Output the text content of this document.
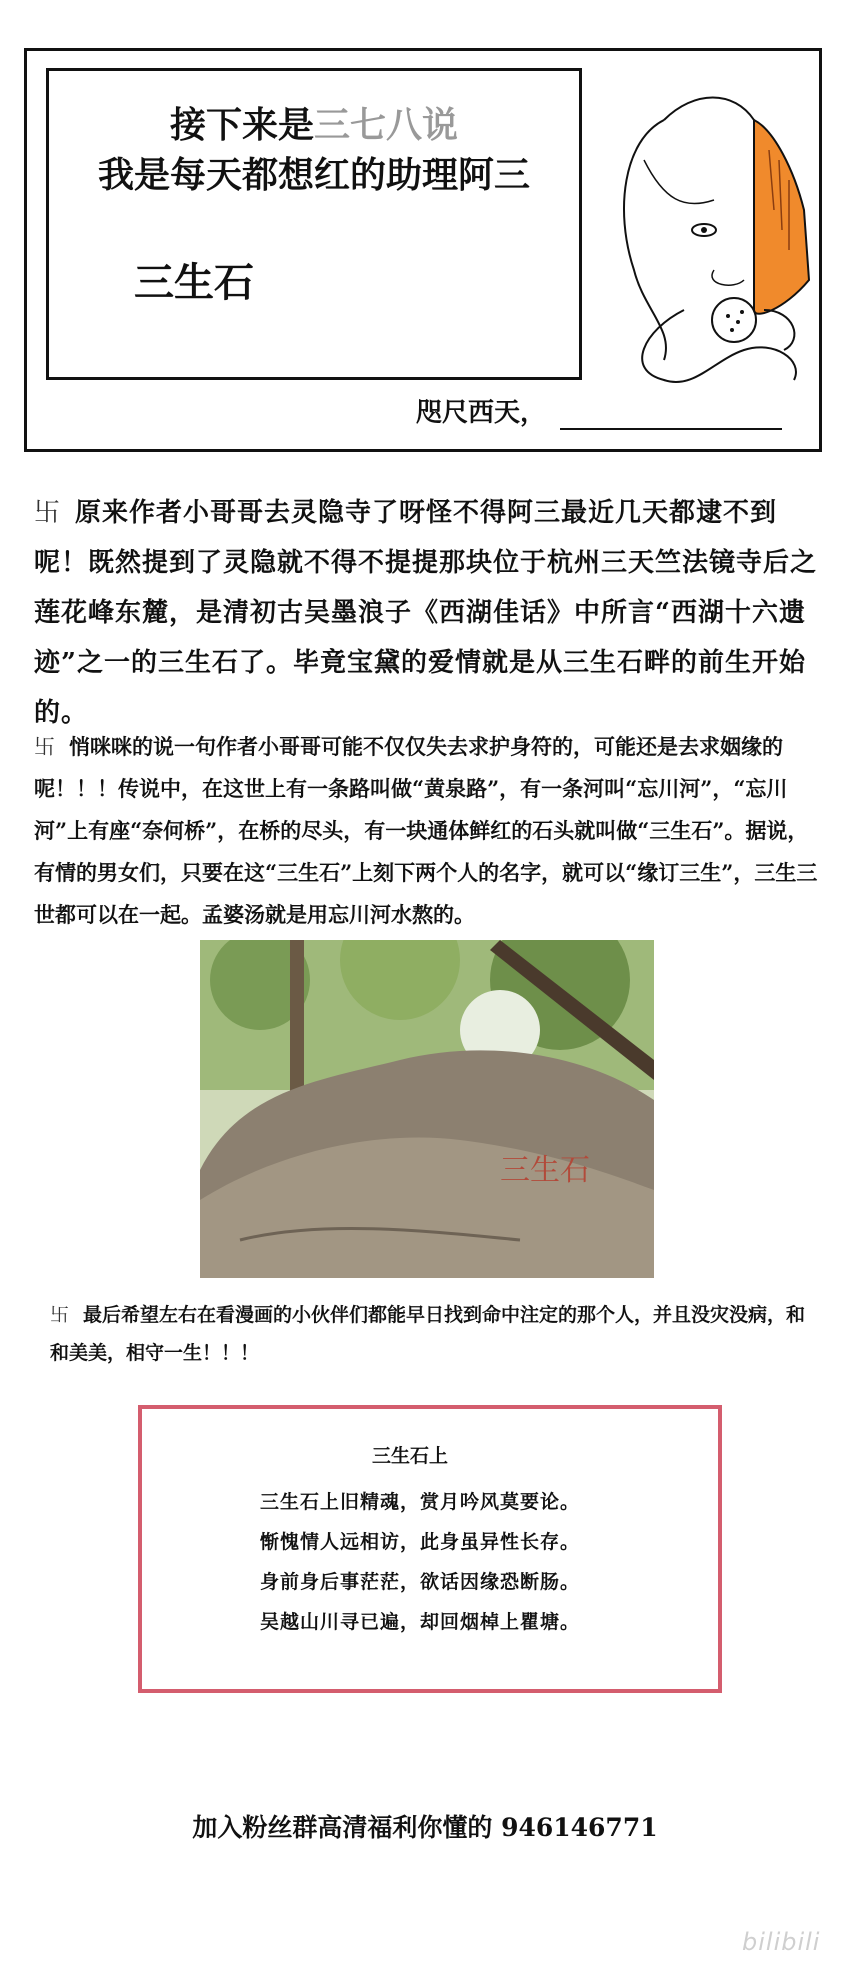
接下来是三七八说
我是每天都想红的助理阿三
三生石
咫尺西天，
卐 原来作者小哥哥去灵隐寺了呀怪不得阿三最近几天都逮不到呢！既然提到了灵隐就不得不提提那块位于杭州三天竺法镜寺后之莲花峰东麓，是清初古吴墨浪子《西湖佳话》中所言“西湖十六遗迹”之一的三生石了。毕竟宝黛的爱情就是从三生石畔的前生开始的。
卐 悄咪咪的说一句作者小哥哥可能不仅仅失去求护身符的，可能还是去求姻缘的呢！！！传说中，在这世上有一条路叫做“黄泉路”，有一条河叫“忘川河”，“忘川河”上有座“奈何桥”，在桥的尽头，有一块通体鲜红的石头就叫做“三生石”。据说，有情的男女们，只要在这“三生石”上刻下两个人的名字，就可以“缘订三生”，三生三世都可以在一起。孟婆汤就是用忘川河水熬的。
三生石
卐 最后希望左右在看漫画的小伙伴们都能早日找到命中注定的那个人，并且没灾没病，和和美美，相守一生！！！
三生石上
三生石上旧精魂，赏月吟风莫要论。
惭愧情人远相访，此身虽异性长存。
身前身后事茫茫，欲话因缘恐断肠。
吴越山川寻已遍，却回烟棹上瞿塘。
加入粉丝群高清福利你懂的 946146771
bilibili
